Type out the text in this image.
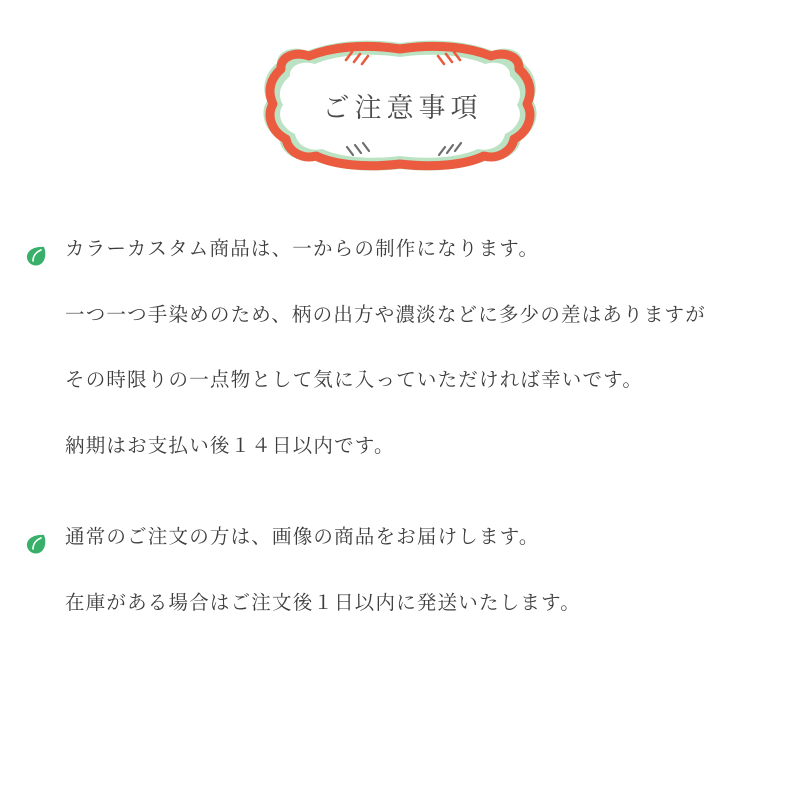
ご注意事項
カラーカスタム商品は、一からの制作になります。
一つ一つ手染めのため、柄の出方や濃淡などに多少の差はありますが
その時限りの一点物として気に入っていただければ幸いです。
納期はお支払い後１４日以内です。
通常のご注文の方は、画像の商品をお届けします。
在庫がある場合はご注文後１日以内に発送いたします。
